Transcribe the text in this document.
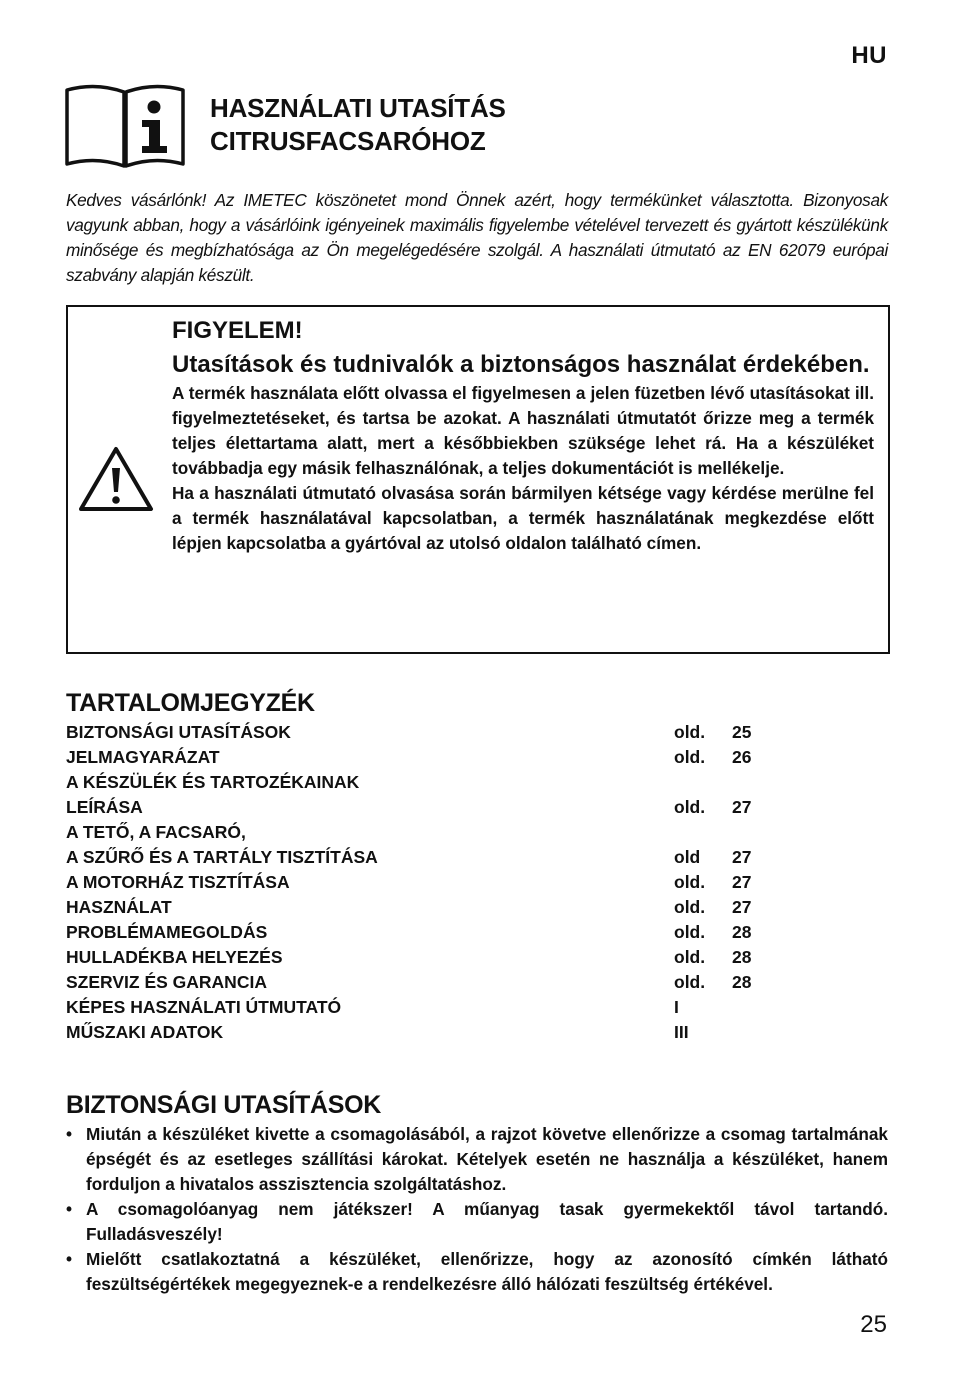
HU
HASZNÁLATI UTASÍTÁS
CITRUSFACSARÓHOZ
Kedves vásárlónk! Az IMETEC köszönetet mond Önnek azért, hogy termékünket választotta. Bizonyosak vagyunk abban, hogy a vásárlóink igényeinek maximális figyelembe vételével tervezett és gyártott készülékünk minősége és megbízhatósága az Ön megelégedésére szolgál. A használati útmutató az EN 62079 európai szabvány alapján készült.
FIGYELEM!
Utasítások és tudnivalók a biztonságos használat érdekében.

A termék használata előtt olvassa el figyelmesen a jelen füzetben lévő utasításokat ill. figyelmeztetéseket, és tartsa be azokat. A használati útmutatót őrizze meg a termék teljes élettartama alatt, mert a későbbiekben szüksége lehet rá. Ha a készüléket továbbadja egy másik felhasználónak, a teljes dokumentációt is mellékelje.

Ha a használati útmutató olvasása során bármilyen kétsége vagy kérdése merülne fel a termék használatával kapcsolatban, a termék használatának megkezdése előtt lépjen kapcsolatba a gyártóval az utolsó oldalon található címen.

TARTALOMJEGYZÉK
BIZTONSÁGI UTASÍTÁSOK	old. 25
JELMAGYARÁZAT	old. 26
A KÉSZÜLÉK ÉS TARTOZÉKAINAK
LEÍRÁSA	old. 27
A TETŐ, A FACSARÓ,
A SZŰRŐ ÉS A TARTÁLY TISZTÍTÁSA	old 27
A MOTORHÁZ TISZTÍTÁSA	old. 27
HASZNÁLAT	old. 27
PROBLÉMAMEGOLDÁS	old. 28
HULLADÉKBA HELYEZÉS	old. 28
SZERVIZ ÉS GARANCIA	old. 28
KÉPES HASZNÁLATI ÚTMUTATÓ	I
MŰSZAKI ADATOK	III
BIZTONSÁGI UTASÍTÁSOK
• Miután a készüléket kivette a csomagolásából, a rajzot követve ellenőrizze a csomag tartalmának épségét és az esetleges szállítási károkat. Kételyek esetén ne használja a készüléket, hanem forduljon a hivatalos asszisztencia szolgáltatáshoz.
• A csomagolóanyag nem játékszer! A műanyag tasak gyermekektől távol tartandó. Fulladásveszély!
• Mielőtt csatlakoztatná a készüléket, ellenőrizze, hogy az azonosító címkén látható feszültségértékek megegyeznek-e a rendelkezésre álló hálózati feszültség értékével.
25
